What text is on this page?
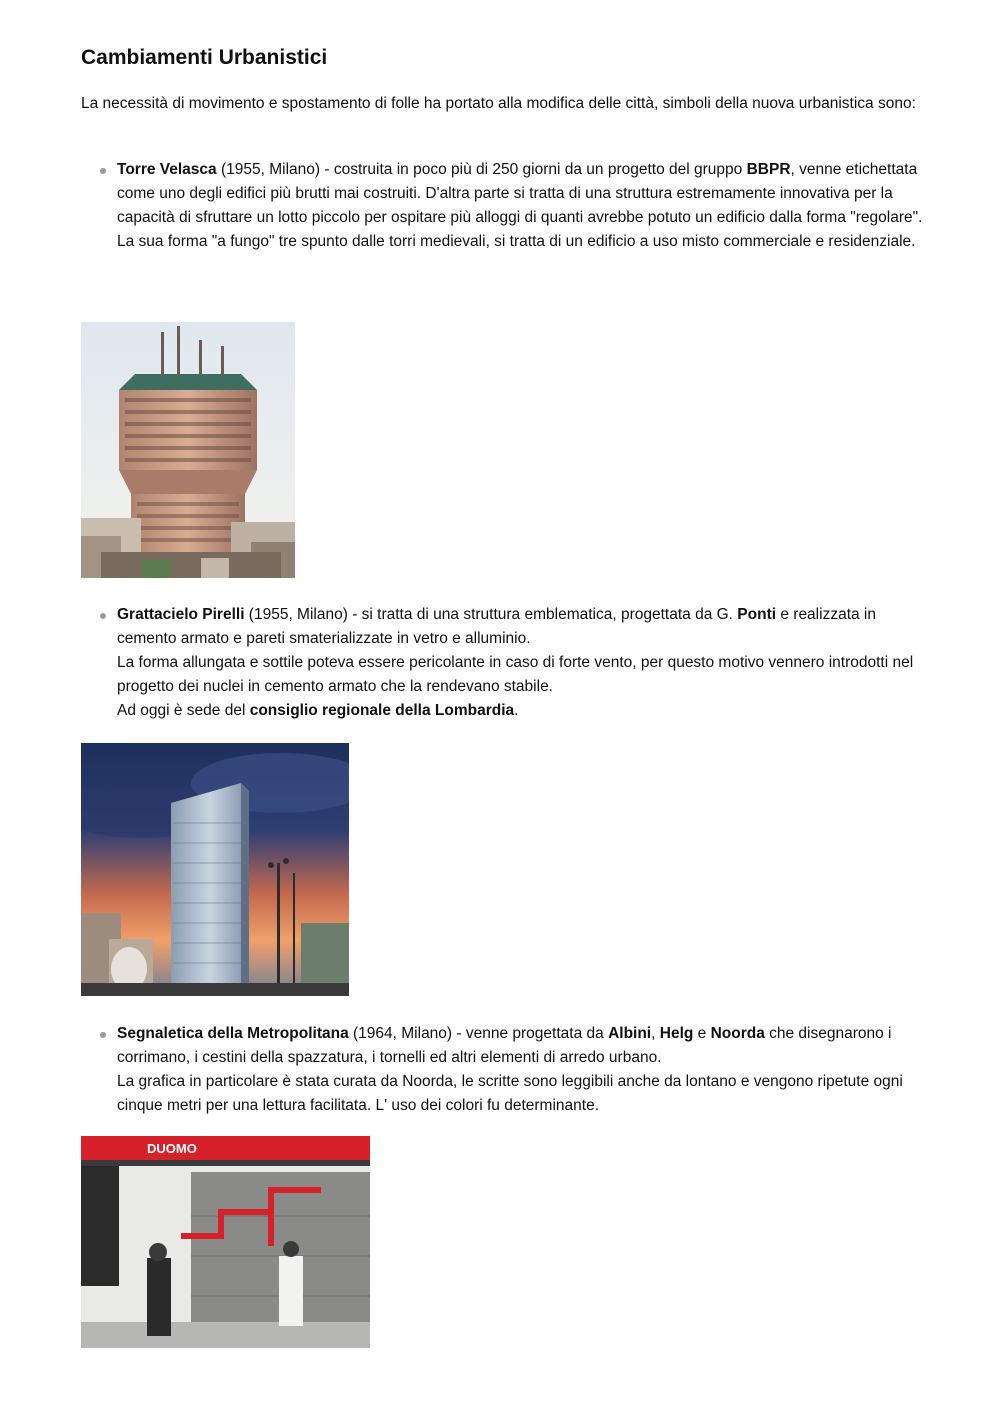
Cambiamenti Urbanistici

La necessità di movimento e spostamento di folle ha portato alla modifica delle città, simboli della nuova urbanistica sono:

Torre Velasca (1955, Milano) - costruita in poco più di 250 giorni da un progetto del gruppo BBPR, venne etichettata come uno degli edifici più brutti mai costruiti. D'altra parte si tratta di una struttura estremamente innovativa per la capacità di sfruttare un lotto piccolo per ospitare più alloggi di quanti avrebbe potuto un edificio dalla forma "regolare".
La sua forma "a fungo" tre spunto dalle torri medievali, si tratta di un edificio a uso misto commerciale e residenziale.
Grattacielo Pirelli (1955, Milano) - si tratta di una struttura emblematica, progettata da G. Ponti e realizzata in cemento armato e pareti smaterializzate in vetro e alluminio.
La forma allungata e sottile poteva essere pericolante in caso di forte vento, per questo motivo vennero introdotti nel progetto dei nuclei in cemento armato che la rendevano stabile.
Ad oggi è sede del consiglio regionale della Lombardia.
Segnaletica della Metropolitana (1964, Milano) - venne progettata da Albini, Helg e Noorda che disegnarono i corrimano, i cestini della spazzatura, i tornelli ed altri elementi di arredo urbano.
La grafica in particolare è stata curata da Noorda, le scritte sono leggibili anche da lontano e vengono ripetute ogni cinque metri per una lettura facilitata. L' uso dei colori fu determinante.
DUOMO
